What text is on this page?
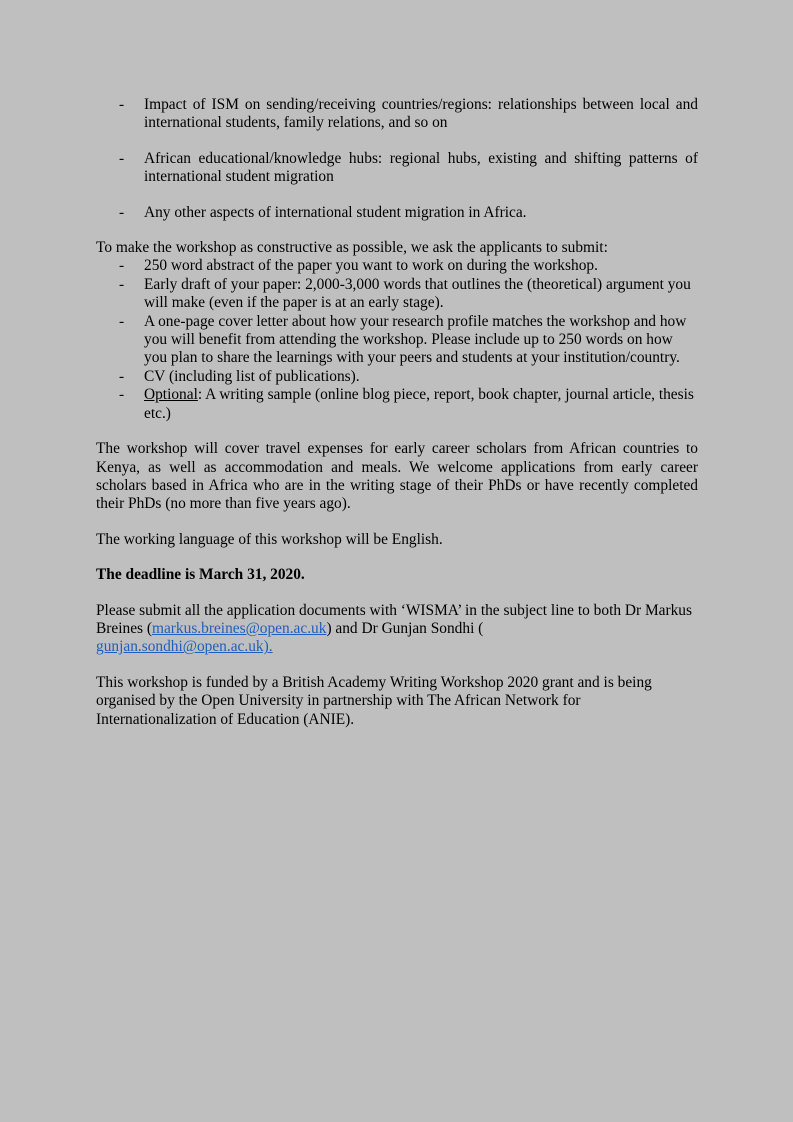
- Impact of ISM on sending/receiving countries/regions: relationships between local and international students, family relations, and so on
- African educational/knowledge hubs: regional hubs, existing and shifting patterns of international student migration
- Any other aspects of international student migration in Africa.

To make the workshop as constructive as possible, we ask the applicants to submit:

- 250 word abstract of the paper you want to work on during the workshop.
- Early draft of your paper: 2,000-3,000 words that outlines the (theoretical) argument you will make (even if the paper is at an early stage).
- A one-page cover letter about how your research profile matches the workshop and how you will benefit from attending the workshop. Please include up to 250 words on how you plan to share the learnings with your peers and students at your institution/country.
- CV (including list of publications).
- Optional: A writing sample (online blog piece, report, book chapter, journal article, thesis etc.)

The workshop will cover travel expenses for early career scholars from African countries to Kenya, as well as accommodation and meals. We welcome applications from early career scholars based in Africa who are in the writing stage of their PhDs or have recently completed their PhDs (no more than five years ago).

The working language of this workshop will be English.

The deadline is March 31, 2020.

Please submit all the application documents with ‘WISMA’ in the subject line to both Dr Markus Breines (markus.breines@open.ac.uk) and Dr Gunjan Sondhi (
gunjan.sondhi@open.ac.uk).

This workshop is funded by a British Academy Writing Workshop 2020 grant and is being organised by the Open University in partnership with The African Network for Internationalization of Education (ANIE).
